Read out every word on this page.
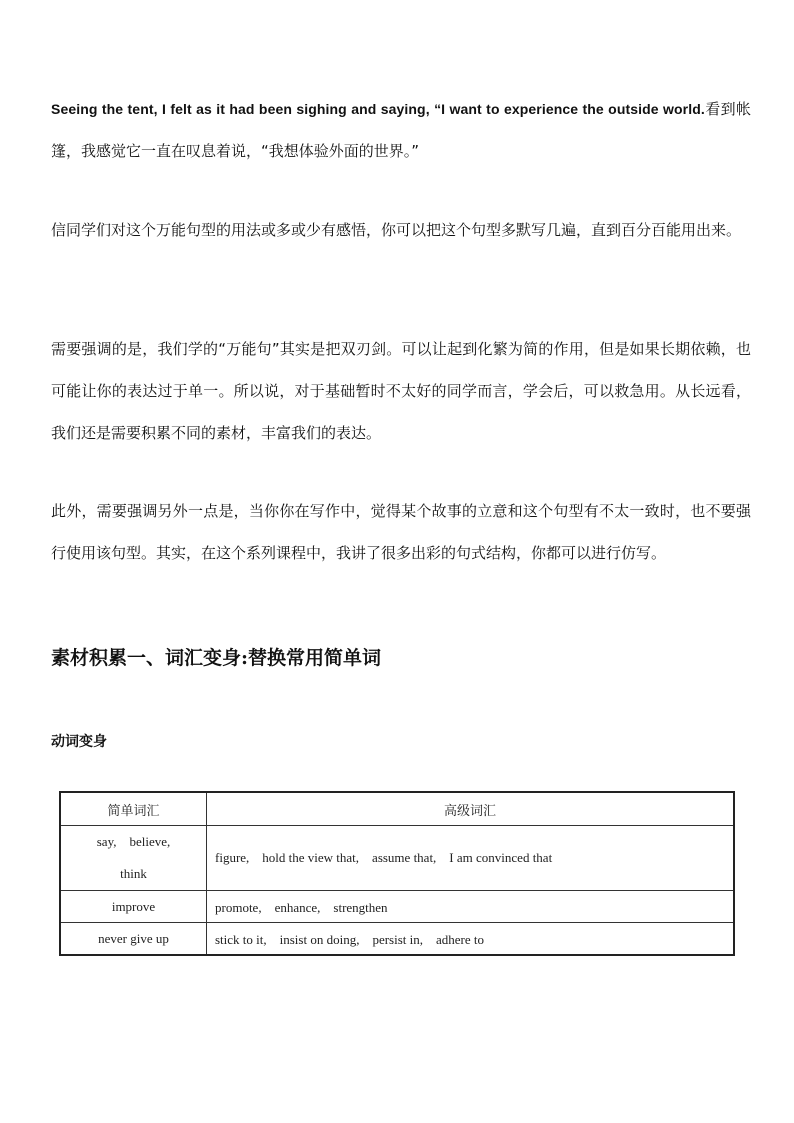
Seeing the tent, I felt as it had been sighing and saying, “I want to experience the outside world.看到帐篷，我感觉它一直在叹息着说，“我想体验外面的世界。”

信同学们对这个万能句型的用法或多或少有感悟，你可以把这个句型多默写几遍，直到百分百能用出来。

需要强调的是，我们学的“万能句”其实是把双刃剑。可以让起到化繁为简的作用，但是如果长期依赖，也可能让你的表达过于单一。所以说，对于基础暂时不太好的同学而言，学会后，可以救急用。从长远看，我们还是需要积累不同的素材，丰富我们的表达。

此外，需要强调另外一点是，当你你在写作中，觉得某个故事的立意和这个句型有不太一致时，也不要强行使用该句型。其实，在这个系列课程中，我讲了很多出彩的句式结构，你都可以进行仿写。

素材积累一、词汇变身:替换常用简单词
动词变身
简单词汇	高级词汇

say,　believe,
think	figure,　hold the view that,　assume that,　I am convinced that
improve	promote,　enhance,　strengthen
never give up	stick to it,　insist on doing,　persist in,　adhere to
